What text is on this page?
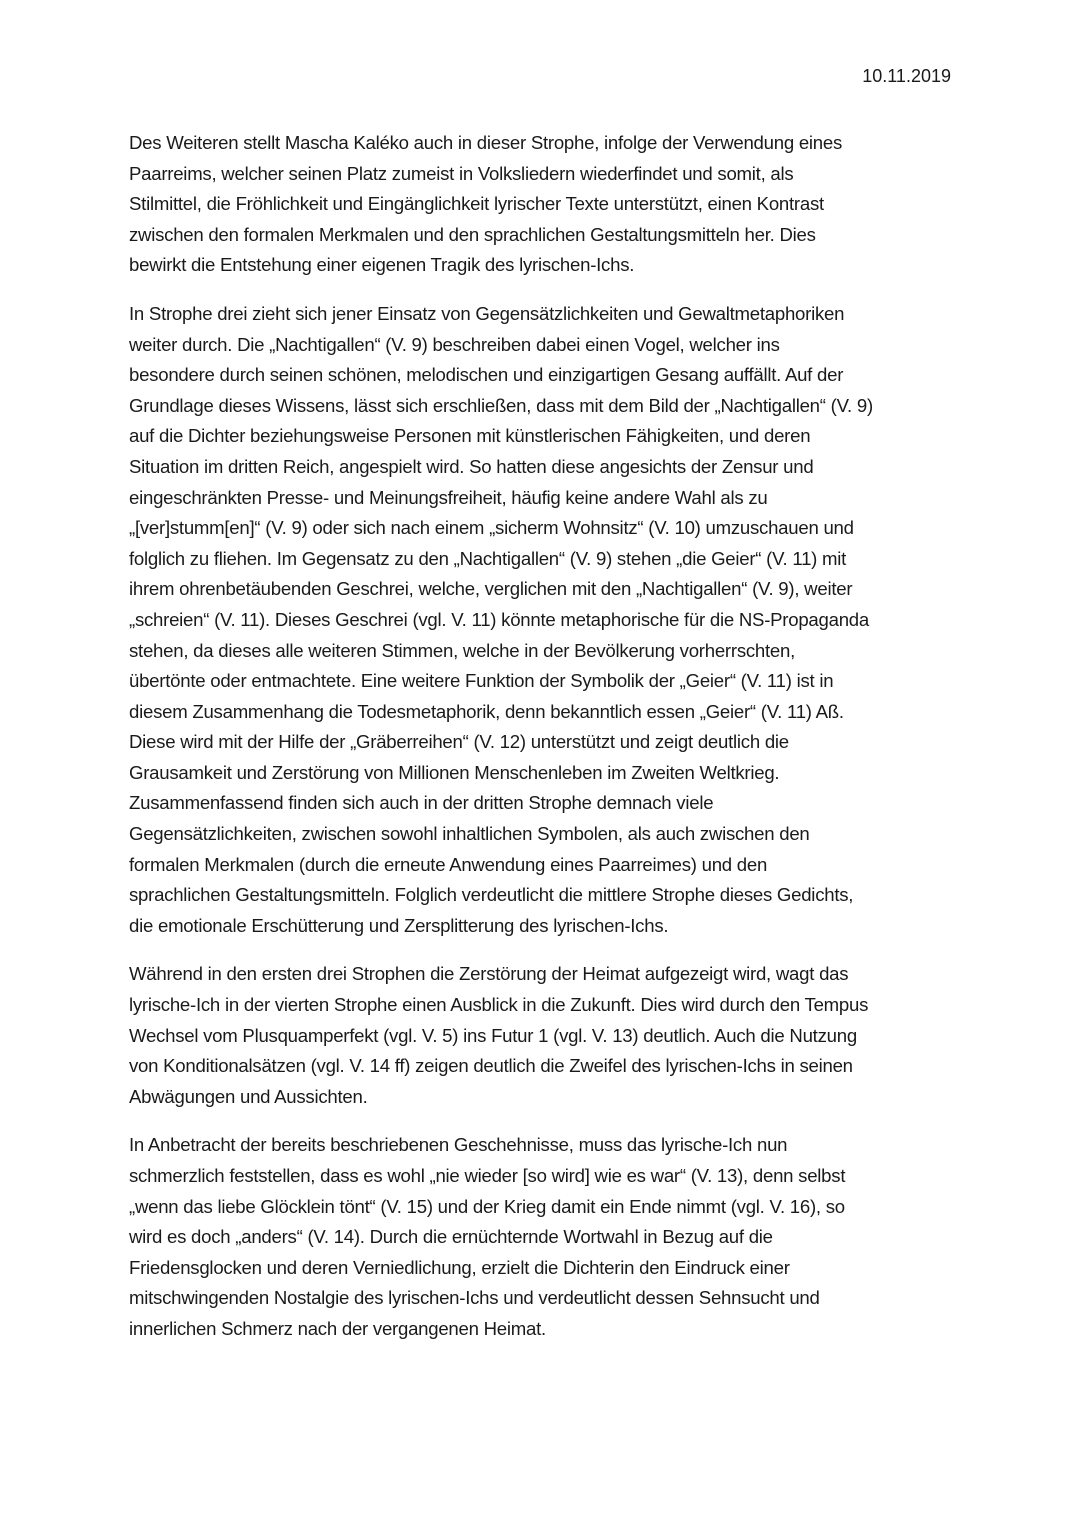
10.11.2019

Des Weiteren stellt Mascha Kaléko auch in dieser Strophe, infolge der Verwendung eines
Paarreims, welcher seinen Platz zumeist in Volksliedern wiederfindet und somit, als
Stilmittel, die Fröhlichkeit und Eingänglichkeit lyrischer Texte unterstützt, einen Kontrast
zwischen den formalen Merkmalen und den sprachlichen Gestaltungsmitteln her. Dies
bewirkt die Entstehung einer eigenen Tragik des lyrischen-Ichs.

In Strophe drei zieht sich jener Einsatz von Gegensätzlichkeiten und Gewaltmetaphoriken
weiter durch. Die „Nachtigallen“ (V. 9) beschreiben dabei einen Vogel, welcher ins
besondere durch seinen schönen, melodischen und einzigartigen Gesang auffällt. Auf der
Grundlage dieses Wissens, lässt sich erschließen, dass mit dem Bild der „Nachtigallen“ (V. 9)
auf die Dichter beziehungsweise Personen mit künstlerischen Fähigkeiten, und deren
Situation im dritten Reich, angespielt wird. So hatten diese angesichts der Zensur und
eingeschränkten Presse- und Meinungsfreiheit, häufig keine andere Wahl als zu
„[ver]stumm[en]“ (V. 9) oder sich nach einem „sicherm Wohnsitz“ (V. 10) umzuschauen und
folglich zu fliehen. Im Gegensatz zu den „Nachtigallen“ (V. 9) stehen „die Geier“ (V. 11) mit
ihrem ohrenbetäubenden Geschrei, welche, verglichen mit den „Nachtigallen“ (V. 9), weiter
„schreien“ (V. 11). Dieses Geschrei (vgl. V. 11) könnte metaphorische für die NS-Propaganda
stehen, da dieses alle weiteren Stimmen, welche in der Bevölkerung vorherrschten,
übertönte oder entmachtete. Eine weitere Funktion der Symbolik der „Geier“ (V. 11) ist in
diesem Zusammenhang die Todesmetaphorik, denn bekanntlich essen „Geier“ (V. 11) Aß.
Diese wird mit der Hilfe der „Gräberreihen“ (V. 12) unterstützt und zeigt deutlich die
Grausamkeit und Zerstörung von Millionen Menschenleben im Zweiten Weltkrieg.
Zusammenfassend finden sich auch in der dritten Strophe demnach viele
Gegensätzlichkeiten, zwischen sowohl inhaltlichen Symbolen, als auch zwischen den
formalen Merkmalen (durch die erneute Anwendung eines Paarreimes) und den
sprachlichen Gestaltungsmitteln. Folglich verdeutlicht die mittlere Strophe dieses Gedichts,
die emotionale Erschütterung und Zersplitterung des lyrischen-Ichs.

Während in den ersten drei Strophen die Zerstörung der Heimat aufgezeigt wird, wagt das
lyrische-Ich in der vierten Strophe einen Ausblick in die Zukunft. Dies wird durch den Tempus
Wechsel vom Plusquamperfekt (vgl. V. 5) ins Futur 1 (vgl. V. 13) deutlich. Auch die Nutzung
von Konditionalsätzen (vgl. V. 14 ff) zeigen deutlich die Zweifel des lyrischen-Ichs in seinen
Abwägungen und Aussichten.

In Anbetracht der bereits beschriebenen Geschehnisse, muss das lyrische-Ich nun
schmerzlich feststellen, dass es wohl „nie wieder [so wird] wie es war“ (V. 13), denn selbst
„wenn das liebe Glöcklein tönt“ (V. 15) und der Krieg damit ein Ende nimmt (vgl. V. 16), so
wird es doch „anders“ (V. 14). Durch die ernüchternde Wortwahl in Bezug auf die
Friedensglocken und deren Verniedlichung, erzielt die Dichterin den Eindruck einer
mitschwingenden Nostalgie des lyrischen-Ichs und verdeutlicht dessen Sehnsucht und
innerlichen Schmerz nach der vergangenen Heimat.
